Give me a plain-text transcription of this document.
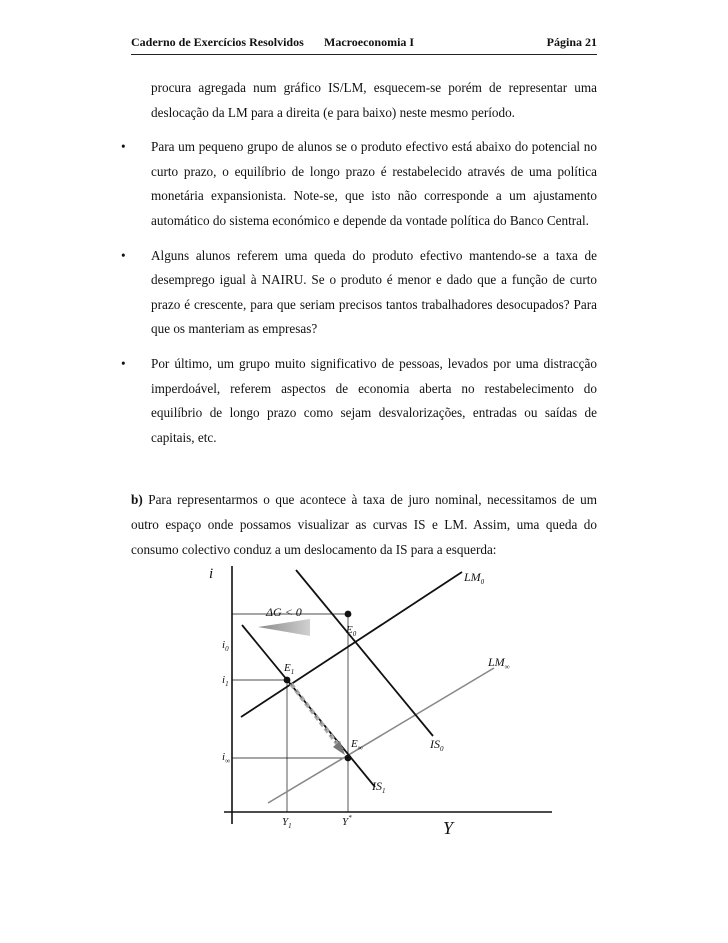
Caderno de Exercícios Resolvidos Macroeconomia I	Página 21
procura agregada num gráfico IS/LM, esquecem-se porém de representar uma deslocação da LM para a direita (e para baixo) neste mesmo período.
• Para um pequeno grupo de alunos se o produto efectivo está abaixo do potencial no curto prazo, o equilíbrio de longo prazo é restabelecido através de uma política monetária expansionista. Note-se, que isto não corresponde a um ajustamento automático do sistema económico e depende da vontade política do Banco Central.
• Alguns alunos referem uma queda do produto efectivo mantendo-se a taxa de desemprego igual à NAIRU. Se o produto é menor e dado que a função de curto prazo é crescente, para que seriam precisos tantos trabalhadores desocupados? Para que os manteriam as empresas?
• Por último, um grupo muito significativo de pessoas, levados por uma distracção imperdoável, referem aspectos de economia aberta no restabelecimento do equilíbrio de longo prazo como sejam desvalorizações, entradas ou saídas de capitais, etc.

b) Para representarmos o que acontece à taxa de juro nominal, necessitamos de um outro espaço onde possamos visualizar as curvas IS e LM. Assim, uma queda do consumo colectivo conduz a um deslocamento da IS para a esquerda:

i
Y
ΔG < 0
$LM_0$
$LM_\infty$
$IS_0$
$IS_1$
$E_0$
$E_1$
$E_\infty$
$i_0$
$i_1$
$i_\infty$
$Y_1$	Y*
